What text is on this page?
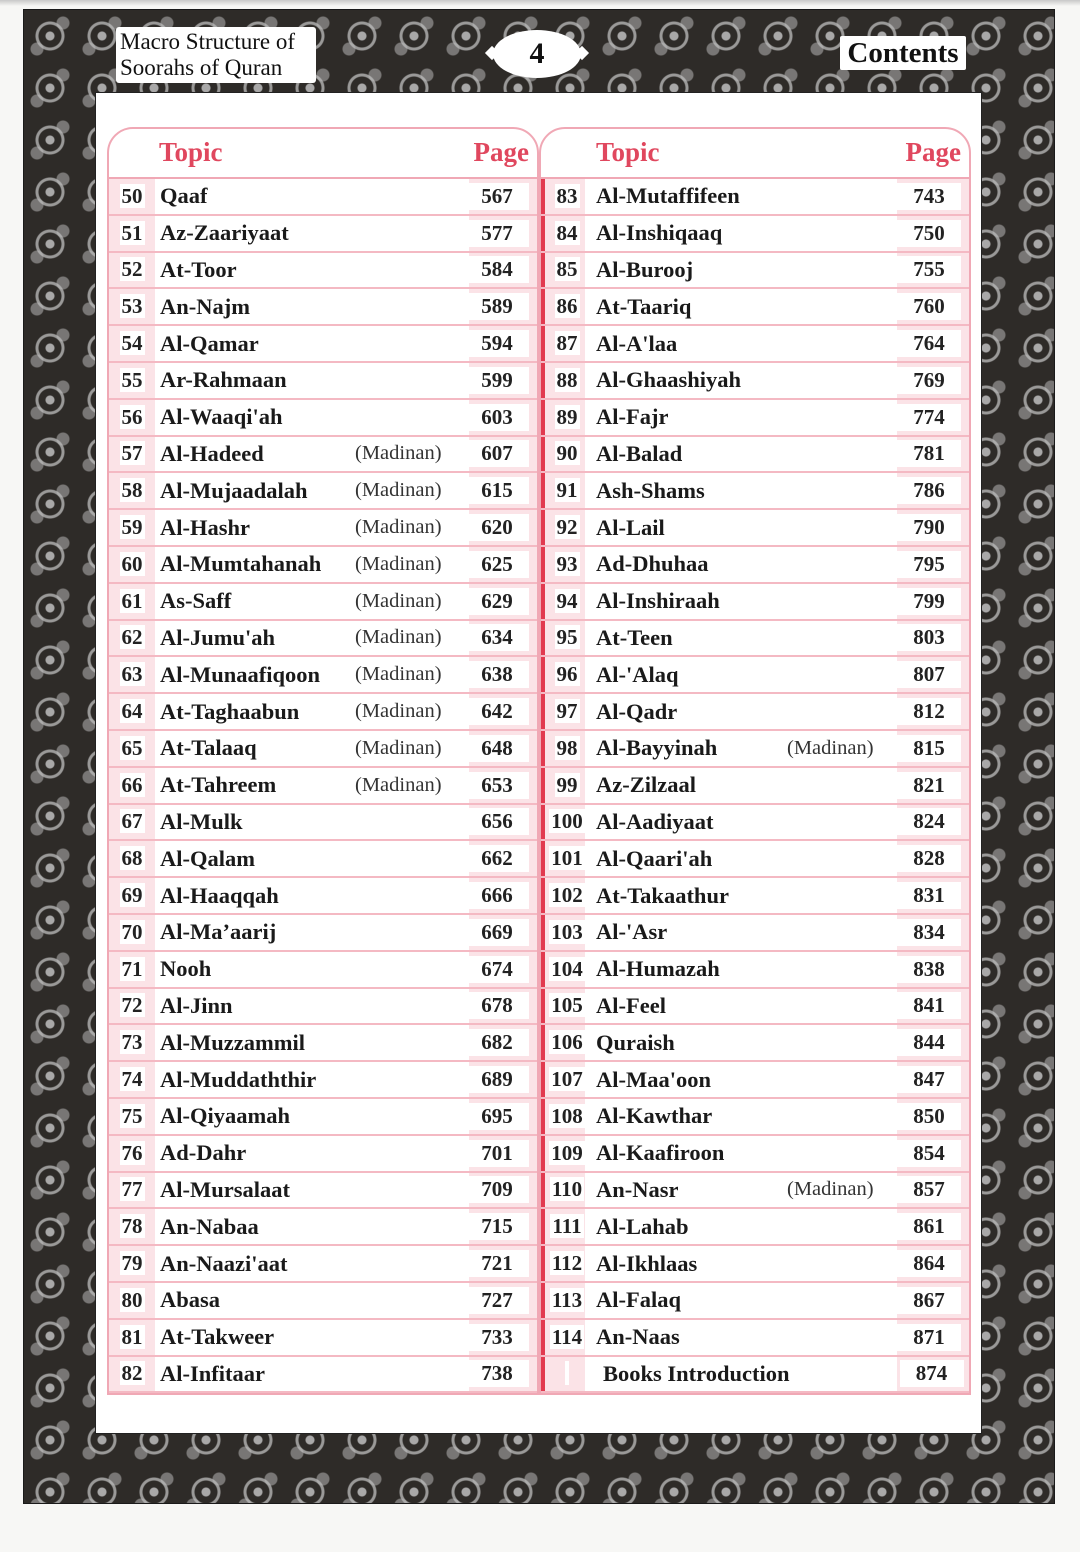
Macro Structure of
Soorahs of Quran	4	Contents
Topic	Page
50 Qaaf	567
51 Az-Zaariyaat	577
52 At-Toor	584
53 An-Najm	589
54 Al-Qamar	594
55 Ar-Rahmaan	599
56 Al-Waaqi'ah	603
57 Al-Hadeed	(Madinan)	607
58 Al-Mujaadalah	(Madinan)	615
59 Al-Hashr	(Madinan)	620
60 Al-Mumtahanah	(Madinan)	625
61 As-Saff	(Madinan)	629
62 Al-Jumu'ah	(Madinan)	634
63 Al-Munaafiqoon	(Madinan)	638
64 At-Taghaabun	(Madinan)	642
65 At-Talaaq	(Madinan)	648
66 At-Tahreem	(Madinan)	653
67 Al-Mulk	656
68 Al-Qalam	662
69 Al-Haaqqah	666
70 Al-Ma’aarij	669
71 Nooh	674
72 Al-Jinn	678
73 Al-Muzzammil	682
74 Al-Muddaththir	689
75 Al-Qiyaamah	695
76 Ad-Dahr	701
77 Al-Mursalaat	709
78 An-Nabaa	715
79 An-Naazi'aat	721
80 Abasa	727
81 At-Takweer	733
82 Al-Infitaar	738
Topic	Page
83 Al-Mutaffifeen	743
84 Al-Inshiqaaq	750
85 Al-Burooj	755
86 At-Taariq	760
87 Al-A'laa	764
88 Al-Ghaashiyah	769
89 Al-Fajr	774
90 Al-Balad	781
91 Ash-Shams	786
92 Al-Lail	790
93 Ad-Dhuhaa	795
94 Al-Inshiraah	799
95 At-Teen	803
96 Al-'Alaq	807
97 Al-Qadr	812
98 Al-Bayyinah	(Madinan)	815
99 Az-Zilzaal	821
100 Al-Aadiyaat	824
101 Al-Qaari'ah	828
102 At-Takaathur	831
103 Al-'Asr	834
104 Al-Humazah	838
105 Al-Feel	841
106 Quraish	844
107 Al-Maa'oon	847
108 Al-Kawthar	850
109 Al-Kaafiroon	854
110 An-Nasr	(Madinan)	857
111 Al-Lahab	861
112 Al-Ikhlaas	864
113 Al-Falaq	867
114 An-Naas	871
Books Introduction	874
